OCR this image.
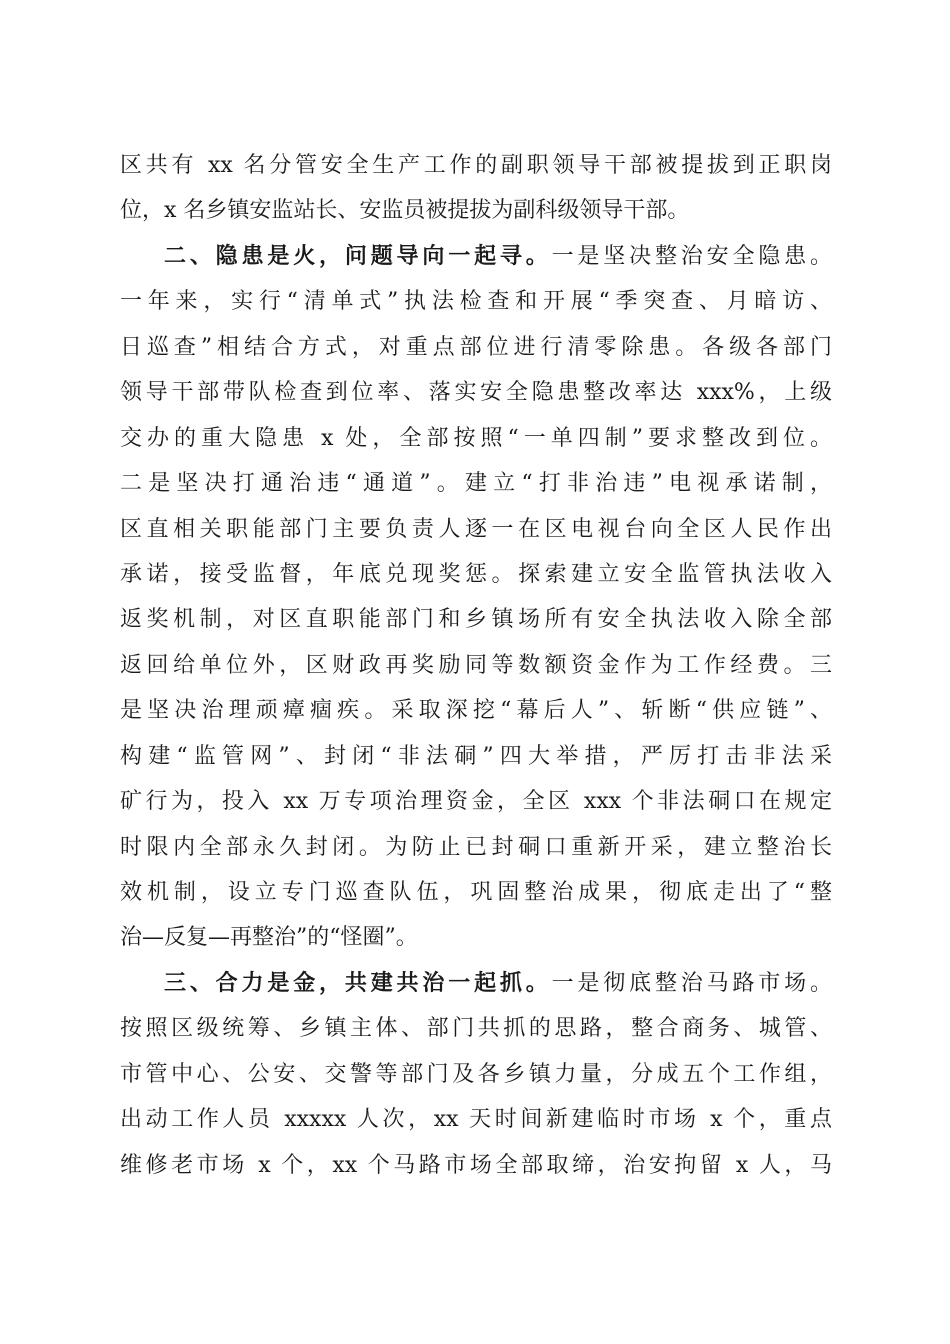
区共有 xx 名分管安全生产工作的副职领导干部被提拔到正职岗
位，x 名乡镇安监站长、安监员被提拔为副科级领导干部。
二、隐患是火，问题导向一起寻。一是坚决整治安全隐患。
一年来，实行“清单式”执法检查和开展“季突查、月暗访、
日巡查”相结合方式，对重点部位进行清零除患。各级各部门
领导干部带队检查到位率、落实安全隐患整改率达 xxx%，上级
交办的重大隐患 x 处，全部按照“一单四制”要求整改到位。
二是坚决打通治违“通道”。建立“打非治违”电视承诺制，
区直相关职能部门主要负责人逐一在区电视台向全区人民作出
承诺，接受监督，年底兑现奖惩。探索建立安全监管执法收入
返奖机制，对区直职能部门和乡镇场所有安全执法收入除全部
返回给单位外，区财政再奖励同等数额资金作为工作经费。三
是坚决治理顽瘴痼疾。采取深挖“幕后人”、斩断“供应链”、
构建“监管网”、封闭“非法硐”四大举措，严厉打击非法采
矿行为，投入 xx 万专项治理资金，全区 xxx 个非法硐口在规定
时限内全部永久封闭。为防止已封硐口重新开采，建立整治长
效机制，设立专门巡查队伍，巩固整治成果，彻底走出了“整
治—反复—再整治”的“怪圈”。
三、合力是金，共建共治一起抓。一是彻底整治马路市场。
按照区级统筹、乡镇主体、部门共抓的思路，整合商务、城管、
市管中心、公安、交警等部门及各乡镇力量，分成五个工作组，
出动工作人员 xxxxx 人次，xx 天时间新建临时市场 x 个，重点
维修老市场 x 个，xx 个马路市场全部取缔，治安拘留 x 人，马
